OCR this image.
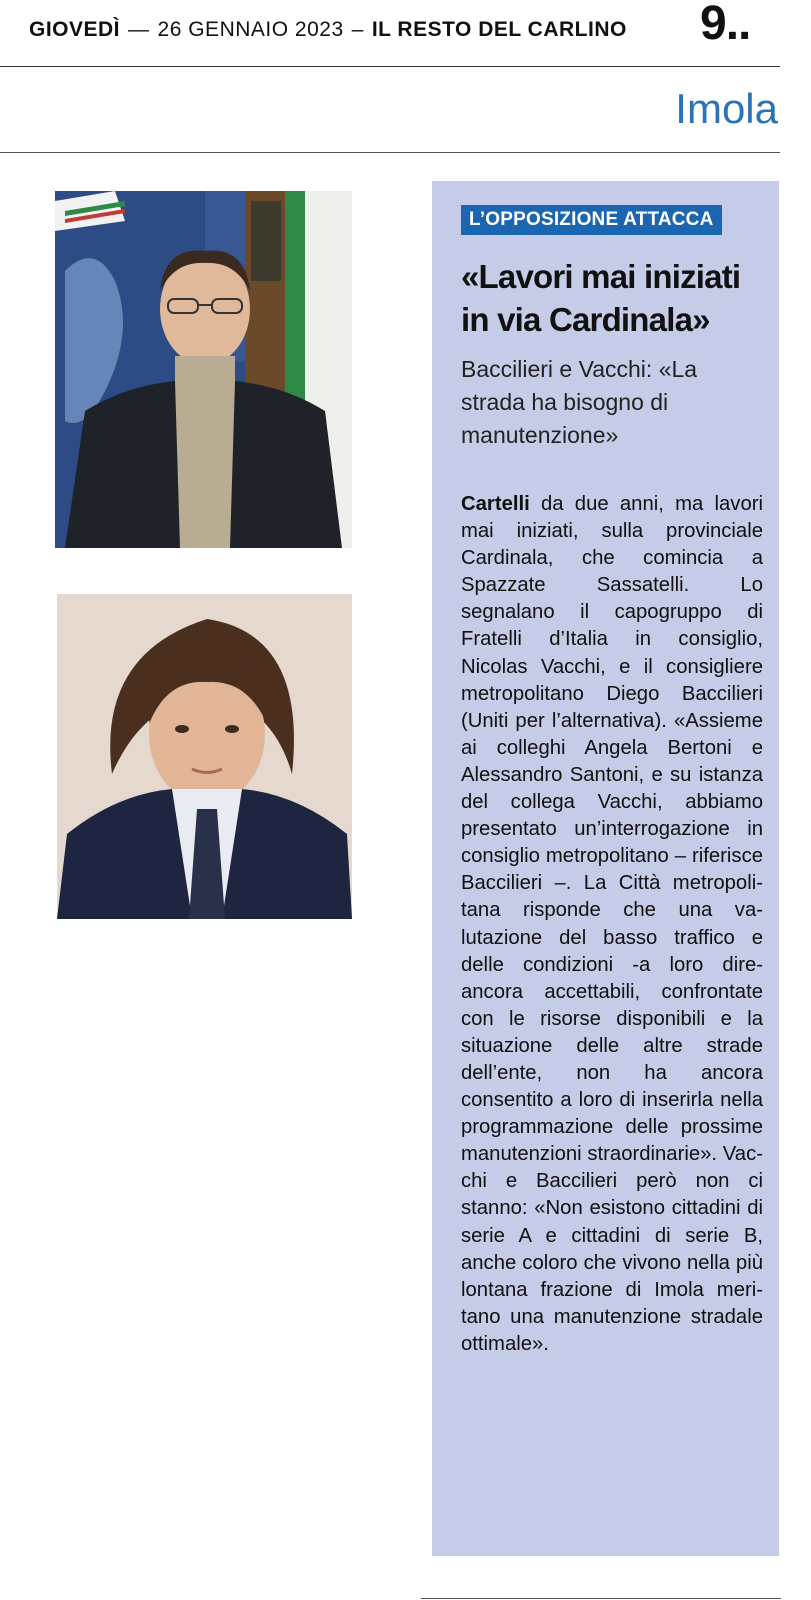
GIOVEDÌ — 26 GENNAIO 2023 – IL RESTO DEL CARLINO 9..
Imola
L’OPPOSIZIONE ATTACCA
«Lavori mai iniziati in via Cardinala»
Baccilieri e Vacchi: «La strada ha bisogno di manutenzione»
Cartelli da due anni, ma lavori mai iniziati, sulla provinciale Cardinala, che comincia a Spazzate Sassatelli. Lo segnalano il capogruppo di Fratelli d’Italia in consiglio, Nicolas Vacchi, e il consigliere metropolitano Diego Baccilieri (Uniti per l’alternativa). «Assieme ai colleghi Angela Bertoni e Alessandro Santoni, e su istanza del collega Vacchi, abbiamo presentato un’interrogazione in consiglio metropolitano – riferisce Baccilieri –. La Città metropolitana risponde che una valutazione del basso traffico e delle condizioni -a loro dire- ancora accettabili, confrontate con le risorse disponibili e la situazione delle altre strade dell’ente, non ha ancora consentito a loro di inserirla nella programmazione delle prossime manutenzioni straordinarie». Vacchi e Baccilieri però non ci stanno: «Non esistono cittadini di serie A e cittadini di serie B, anche coloro che vivono nella più lontana frazione di Imola meritano una manutenzione stradale ottimale».
